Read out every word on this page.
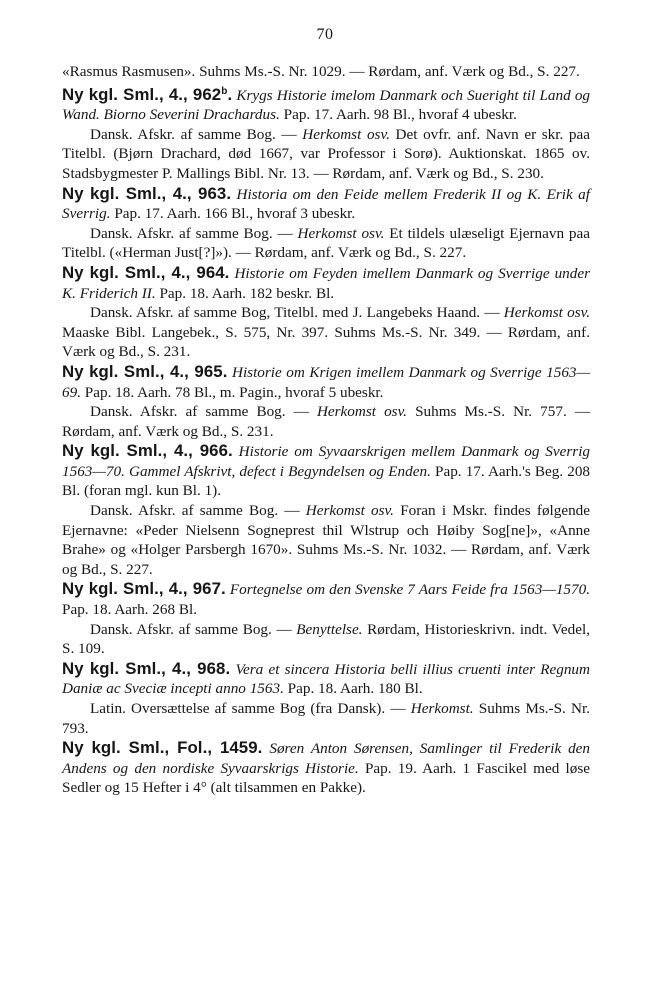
70

«Rasmus Rasmusen». Suhms Ms.-S. Nr. 1029. — Rørdam, anf. Værk og Bd., S. 227.

Ny kgl. Sml., 4., 962$^b$. Krygs Historie imelom Danmark och Sueright til Land og Wand. Biorno Severini Drachardus. Pap. 17. Aarh. 98 Bl., hvoraf 4 ubeskr.

Dansk. Afskr. af samme Bog. — Herkomst osv. Det ovfr. anf. Navn er skr. paa Titelbl. (Bjørn Drachard, død 1667, var Professor i Sorø). Auktionskat. 1865 ov. Stadsbygmester P. Mallings Bibl. Nr. 13. — Rørdam, anf. Værk og Bd., S. 230.

Ny kgl. Sml., 4., 963. Historia om den Feide mellem Frederik II og K. Erik af Sverrig. Pap. 17. Aarh. 166 Bl., hvoraf 3 ubeskr.

Dansk. Afskr. af samme Bog. — Herkomst osv. Et tildels ulæseligt Ejernavn paa Titelbl. («Herman Just[?]»). — Rørdam, anf. Værk og Bd., S. 227.

Ny kgl. Sml., 4., 964. Historie om Feyden imellem Danmark og Sverrige under K. Friderich II. Pap. 18. Aarh. 182 beskr. Bl.

Dansk. Afskr. af samme Bog, Titelbl. med J. Langebeks Haand. — Herkomst osv. Maaske Bibl. Langebek., S. 575, Nr. 397. Suhms Ms.-S. Nr. 349. — Rørdam, anf. Værk og Bd., S. 231.

Ny kgl. Sml., 4., 965. Historie om Krigen imellem Danmark og Sverrige 1563—69. Pap. 18. Aarh. 78 Bl., m. Pagin., hvoraf 5 ubeskr.

Dansk. Afskr. af samme Bog. — Herkomst osv. Suhms Ms.-S. Nr. 757. — Rørdam, anf. Værk og Bd., S. 231.

Ny kgl. Sml., 4., 966. Historie om Syvaarskrigen mellem Danmark og Sverrig 1563—70. Gammel Afskrivt, defect i Begyndelsen og Enden. Pap. 17. Aarh.'s Beg. 208 Bl. (foran mgl. kun Bl. 1).

Dansk. Afskr. af samme Bog. — Herkomst osv. Foran i Mskr. findes følgende Ejernavne: «Peder Nielsenn Sogneprest thil Wlstrup och Høiby Sog[ne]», «Anne Brahe» og «Holger Parsbergh 1670». Suhms Ms.-S. Nr. 1032. — Rørdam, anf. Værk og Bd., S. 227.

Ny kgl. Sml., 4., 967. Fortegnelse om den Svenske 7 Aars Feide fra 1563—1570. Pap. 18. Aarh. 268 Bl.

Dansk. Afskr. af samme Bog. — Benyttelse. Rørdam, Historieskrivn. indt. Vedel, S. 109.

Ny kgl. Sml., 4., 968. Vera et sincera Historia belli illius cruenti inter Regnum Daniæ ac Sveciæ incepti anno 1563. Pap. 18. Aarh. 180 Bl.

Latin. Oversættelse af samme Bog (fra Dansk). — Herkomst. Suhms Ms.-S. Nr. 793.

Ny kgl. Sml., Fol., 1459. Søren Anton Sørensen, Samlinger til Frederik den Andens og den nordiske Syvaarskrigs Historie. Pap. 19. Aarh. 1 Fascikel med løse Sedler og 15 Hefter i 4° (alt tilsammen en Pakke).
